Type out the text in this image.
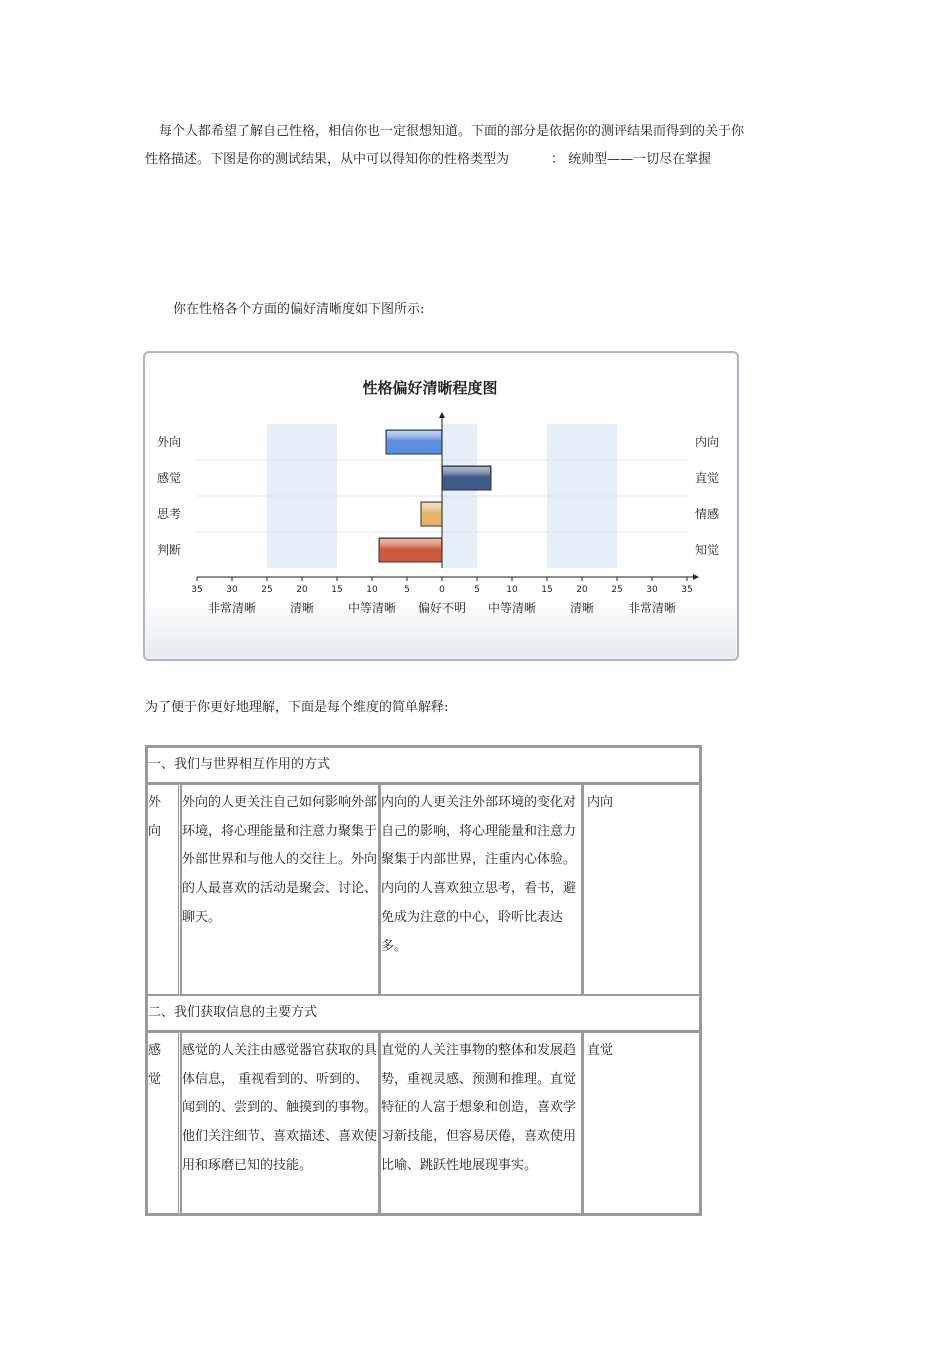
每个人都希望了解自己性格，相信你也一定很想知道。下面的部分是依据你的测评结果而得到的关于你
性格描述。下图是你的测试结果，从中可以得知你的性格类型为	： 统帅型——一切尽在掌握

你在性格各个方面的偏好清晰度如下图所示:

性格偏好清晰程度图
35	30	25	20	15	10	5	0	5	10	15	20	25	30	35
外向
感觉
思考
判断
内向
直觉
情感
知觉
非常清晰	清晰	中等清晰 偏好不明 中等清晰	清晰	非常清晰

为了便于你更好地理解，下面是每个维度的简单解释:

一、我们与世界相互作用的方式			
外
向	外向的人更关注自己如何影响外部环境，将心理能量和注意力聚集于外部世界和与他人的交往上。外向的人最喜欢的活动是聚会、讨论、聊天。	内向的人更关注外部环境的变化对自己的影响，将心理能量和注意力聚集于内部世界，注重内心体验。内向的人喜欢独立思考，看书，避免成为注意的中心，聆听比表达多。	内向
二、我们获取信息的主要方式			
感
觉	感觉的人关注由感觉器官获取的具体信息， 重视看到的、听到的、闻到的、尝到的、触摸到的事物。他们关注细节、喜欢描述、喜欢使用和琢磨已知的技能。	直觉的人关注事物的整体和发展趋势，重视灵感、预测和推理。直觉特征的人富于想象和创造，喜欢学习新技能，但容易厌倦，喜欢使用比喻、跳跃性地展现事实。	直觉
